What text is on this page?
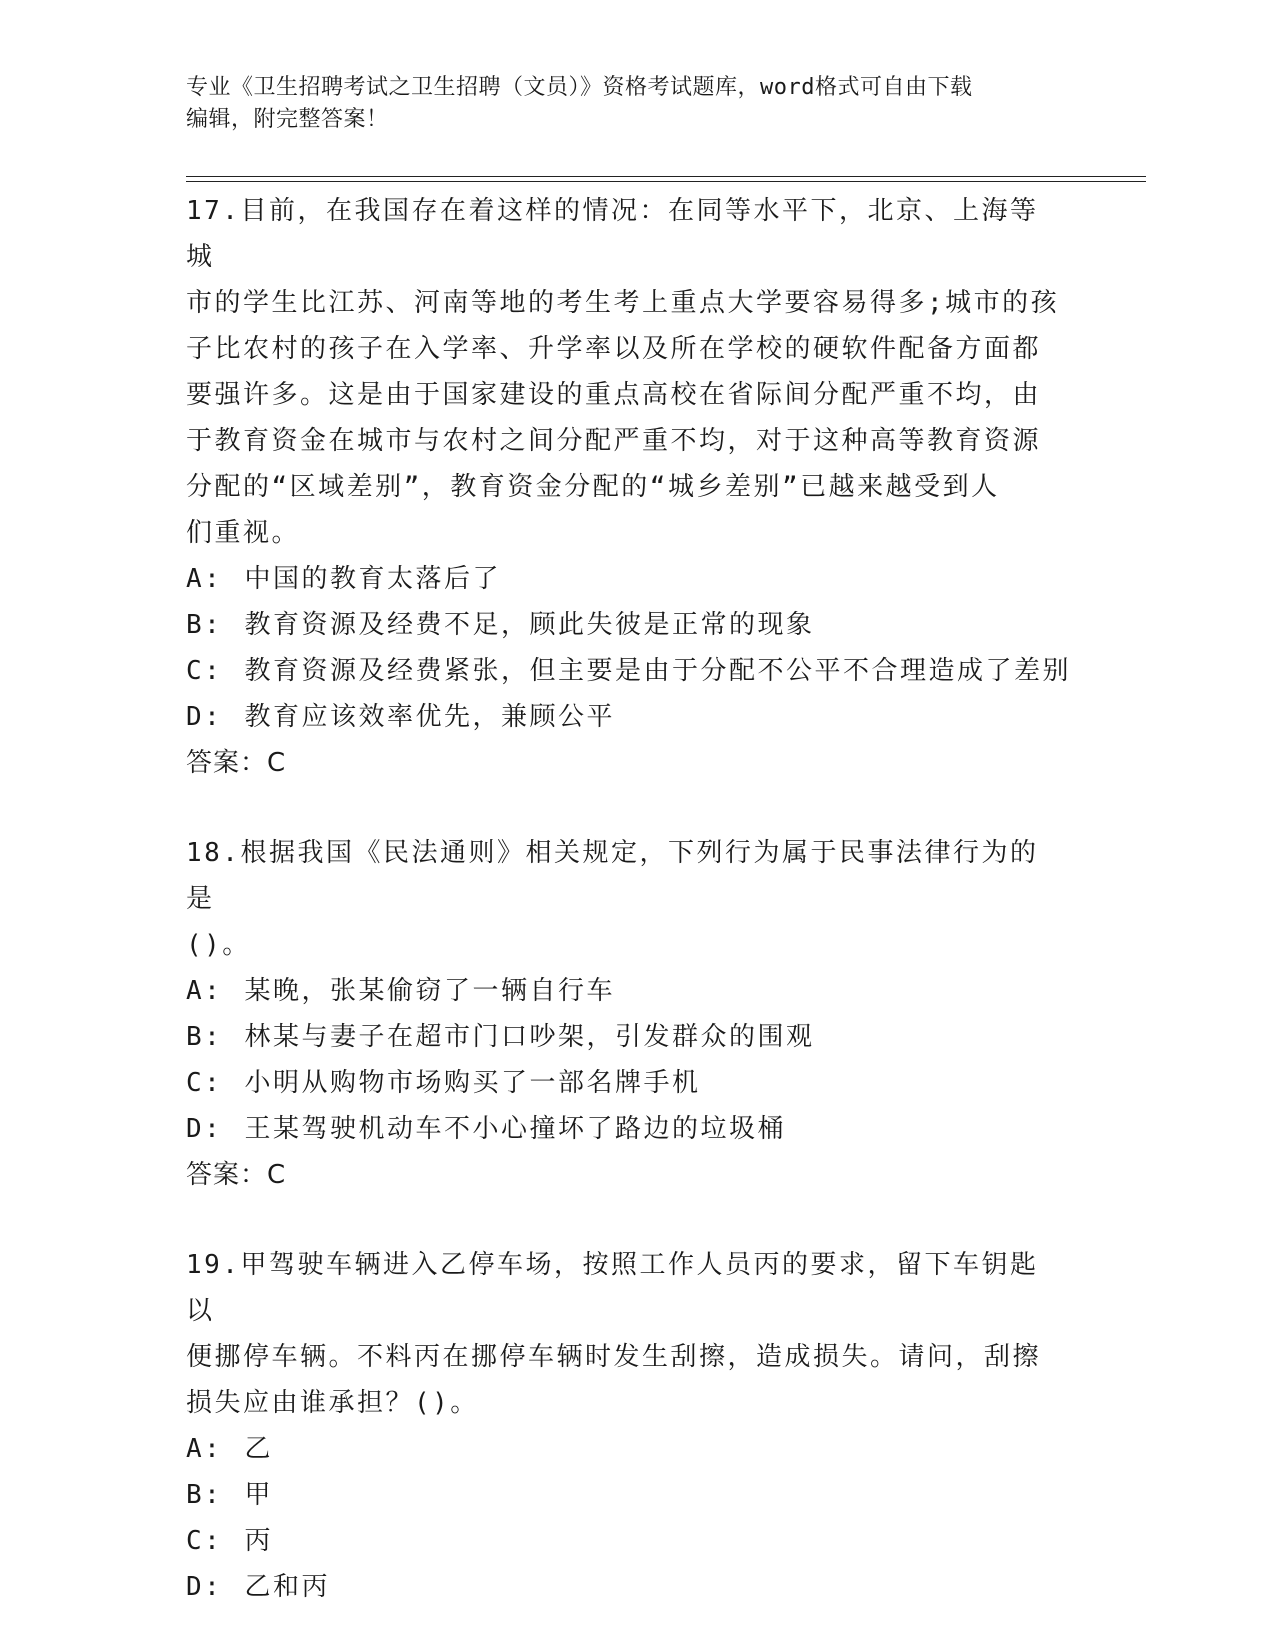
专业《卫生招聘考试之卫生招聘（文员）》资格考试题库，word格式可自由下载
编辑，附完整答案！

17.目前，在我国存在着这样的情况：在同等水平下，北京、上海等城

市的学生比江苏、河南等地的考生考上重点大学要容易得多;城市的孩

子比农村的孩子在入学率、升学率以及所在学校的硬软件配备方面都

要强许多。这是由于国家建设的重点高校在省际间分配严重不均，由

于教育资金在城市与农村之间分配严重不均，对于这种高等教育资源

分配的“区域差别”，教育资金分配的“城乡差别”已越来越受到人

们重视。

A: 中国的教育太落后了

B: 教育资源及经费不足，顾此失彼是正常的现象

C: 教育资源及经费紧张，但主要是由于分配不公平不合理造成了差别

D: 教育应该效率优先，兼顾公平

答案：C

18.根据我国《民法通则》相关规定，下列行为属于民事法律行为的是

()。

A: 某晚，张某偷窃了一辆自行车

B: 林某与妻子在超市门口吵架，引发群众的围观

C: 小明从购物市场购买了一部名牌手机

D: 王某驾驶机动车不小心撞坏了路边的垃圾桶

答案：C

19.甲驾驶车辆进入乙停车场，按照工作人员丙的要求，留下车钥匙以

便挪停车辆。不料丙在挪停车辆时发生刮擦，造成损失。请问，刮擦

损失应由谁承担？()。

A: 乙

B: 甲

C: 丙

D: 乙和丙
